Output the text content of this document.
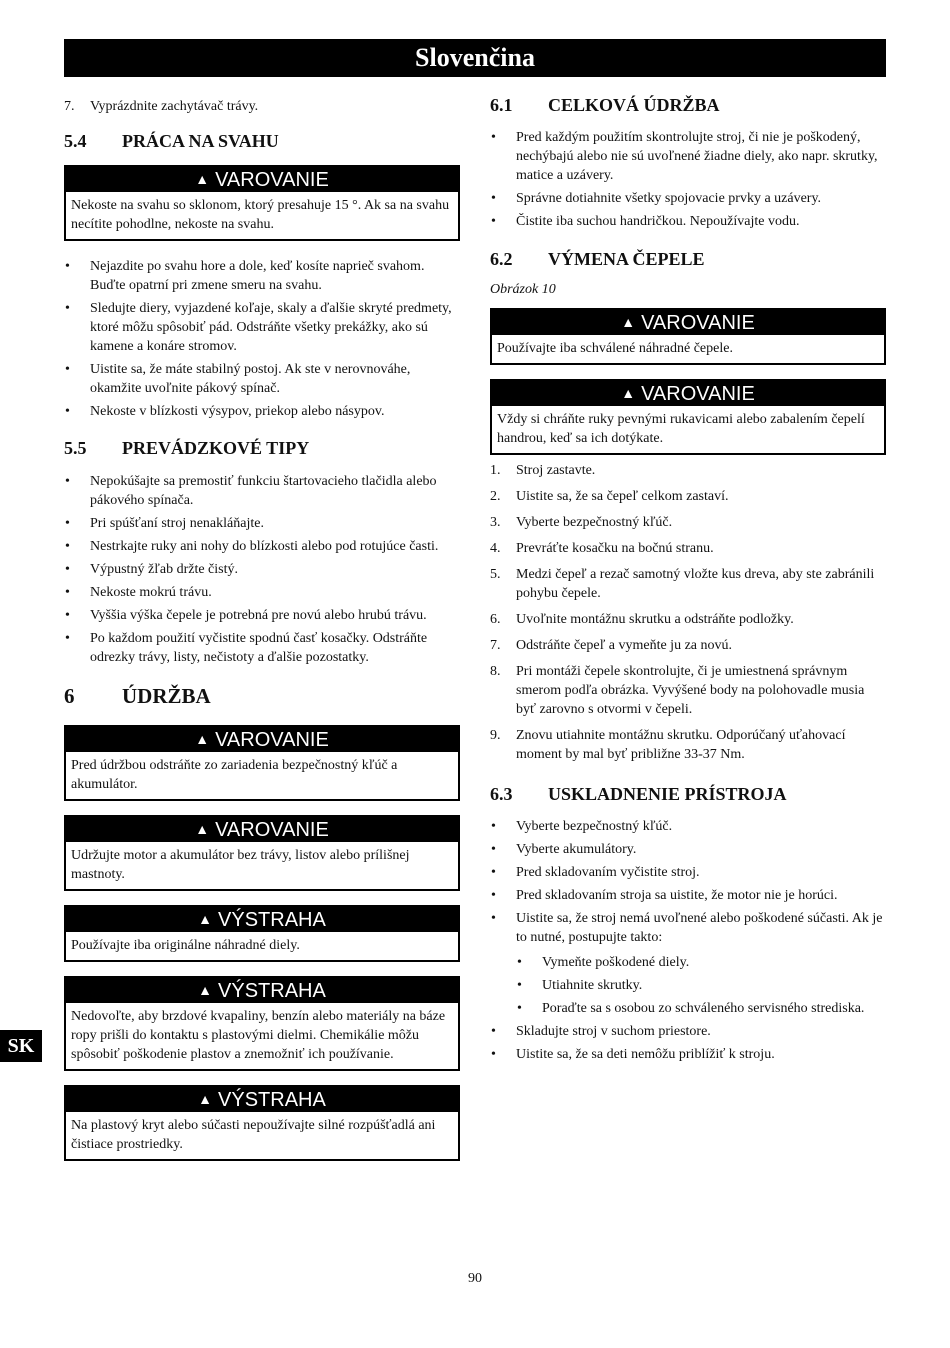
Slovenčina
7. Vyprázdnite zachytávač trávy.
5.4	PRÁCA NA SVAHU
▲ VAROVANIE
Nekoste na svahu so sklonom, ktorý presahuje 15 °. Ak sa na svahu necítite pohodlne, nekoste na svahu.
• Nejazdite po svahu hore a dole, keď kosíte naprieč svahom. Buďte opatrní pri zmene smeru na svahu.
• Sledujte diery, vyjazdené koľaje, skaly a ďalšie skryté predmety, ktoré môžu spôsobiť pád. Odstráňte všetky prekážky, ako sú kamene a konáre stromov.
• Uistite sa, že máte stabilný postoj. Ak ste v nerovnováhe, okamžite uvoľnite pákový spínač.
• Nekoste v blízkosti výsypov, priekop alebo násypov.
5.5	PREVÁDZKOVÉ TIPY
• Nepokúšajte sa premostiť funkciu štartovacieho tlačidla alebo pákového spínača.
• Pri spúšťaní stroj nenakláňajte.
• Nestrkajte ruky ani nohy do blízkosti alebo pod rotujúce časti.
• Výpustný žľab držte čistý.
• Nekoste mokrú trávu.
• Vyššia výška čepele je potrebná pre novú alebo hrubú trávu.
• Po každom použití vyčistite spodnú časť kosačky. Odstráňte odrezky trávy, listy, nečistoty a ďalšie pozostatky.
6	ÚDRŽBA
▲ VAROVANIE
Pred údržbou odstráňte zo zariadenia bezpečnostný kľúč a akumulátor.
▲ VAROVANIE
Udržujte motor a akumulátor bez trávy, listov alebo prílišnej mastnoty.
▲ VÝSTRAHA
Používajte iba originálne náhradné diely.
▲ VÝSTRAHA
Nedovoľte, aby brzdové kvapaliny, benzín alebo materiály na báze ropy prišli do kontaktu s plastovými dielmi. Chemikálie môžu spôsobiť poškodenie plastov a znemožniť ich používanie.
▲ VÝSTRAHA
Na plastový kryt alebo súčasti nepoužívajte silné rozpúšťadlá ani čistiace prostriedky.
6.1	CELKOVÁ ÚDRŽBA
• Pred každým použitím skontrolujte stroj, či nie je poškodený, nechýbajú alebo nie sú uvoľnené žiadne diely, ako napr. skrutky, matice a uzávery.
• Správne dotiahnite všetky spojovacie prvky a uzávery.
• Čistite iba suchou handričkou. Nepoužívajte vodu.
6.2	VÝMENA ČEPELE
Obrázok 10
▲ VAROVANIE
Používajte iba schválené náhradné čepele.
▲ VAROVANIE
Vždy si chráňte ruky pevnými rukavicami alebo zabalením čepelí handrou, keď sa ich dotýkate.
1. Stroj zastavte.
2. Uistite sa, že sa čepeľ celkom zastaví.
3. Vyberte bezpečnostný kľúč.
4. Prevráťte kosačku na bočnú stranu.
5. Medzi čepeľ a rezač samotný vložte kus dreva, aby ste zabránili pohybu čepele.
6. Uvoľnite montážnu skrutku a odstráňte podložky.
7. Odstráňte čepeľ a vymeňte ju za novú.
8. Pri montáži čepele skontrolujte, či je umiestnená správnym smerom podľa obrázka. Vyvýšené body na polohovadle musia byť zarovno s otvormi v čepeli.
9. Znovu utiahnite montážnu skrutku. Odporúčaný uťahovací moment by mal byť približne 33-37 Nm.
6.3	USKLADNENIE PRÍSTROJA
• Vyberte bezpečnostný kľúč.
• Vyberte akumulátory.
• Pred skladovaním vyčistite stroj.
• Pred skladovaním stroja sa uistite, že motor nie je horúci.
• Uistite sa, že stroj nemá uvoľnené alebo poškodené súčasti. Ak je to nutné, postupujte takto:
• Vymeňte poškodené diely.
• Utiahnite skrutky.
• Poraďte sa s osobou zo schváleného servisného strediska.
• Skladujte stroj v suchom priestore.
• Uistite sa, že sa deti nemôžu priblížiť k stroju.
SK
90
